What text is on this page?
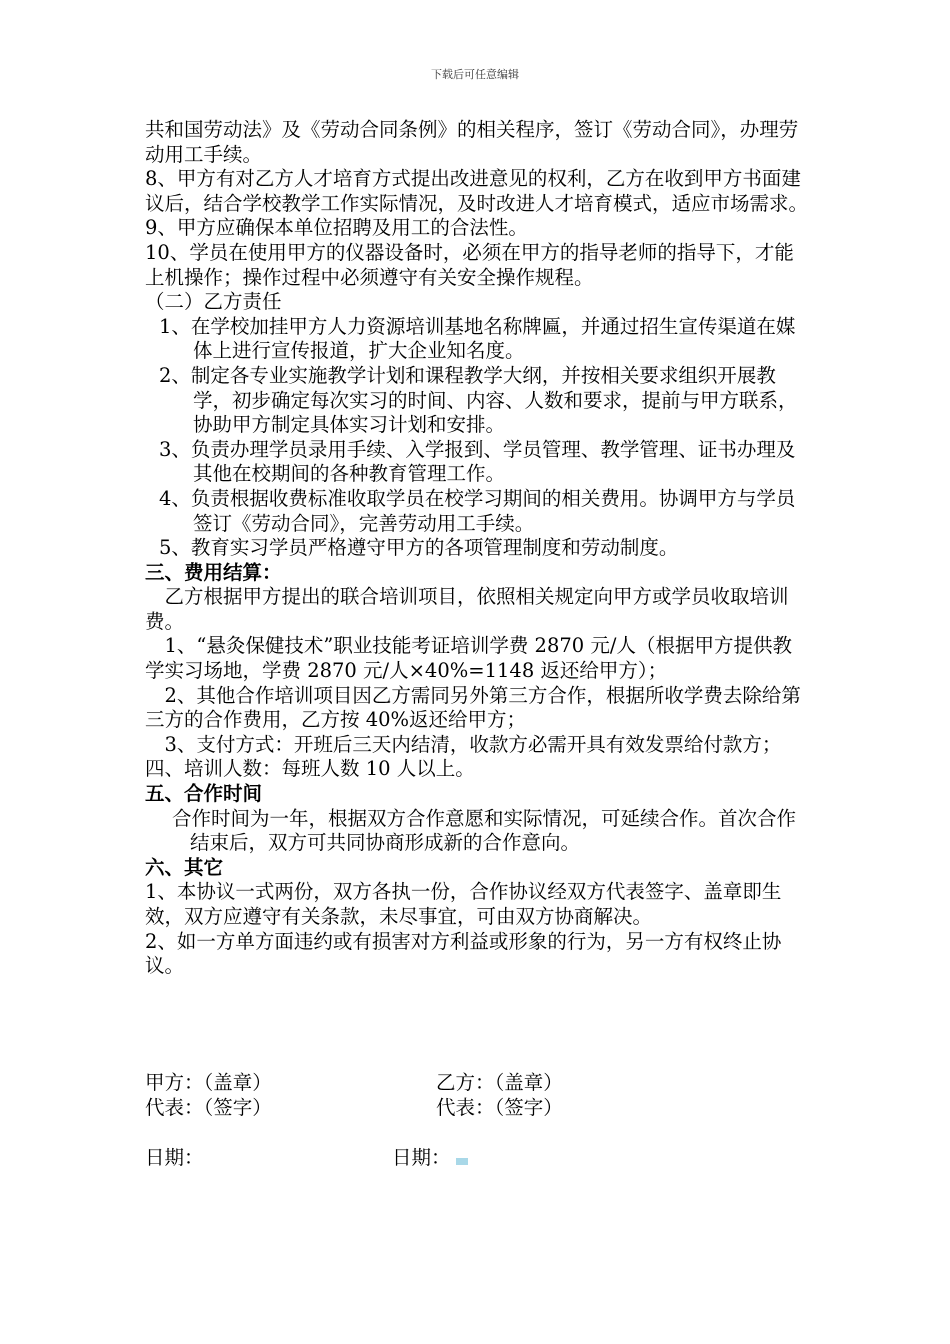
下载后可任意编辑

共和国劳动法》及《劳动合同条例》的相关程序，签订《劳动合同》，办理劳动用工手续。

8、甲方有对乙方人才培育方式提出改进意见的权利，乙方在收到甲方书面建议后，结合学校教学工作实际情况，及时改进人才培育模式，适应市场需求。

9、甲方应确保本单位招聘及用工的合法性。

10、学员在使用甲方的仪器设备时，必须在甲方的指导老师的指导下，才能上机操作；操作过程中必须遵守有关安全操作规程。

（二）乙方责任

1、在学校加挂甲方人力资源培训基地名称牌匾，并通过招生宣传渠道在媒体上进行宣传报道，扩大企业知名度。

2、制定各专业实施教学计划和课程教学大纲，并按相关要求组织开展教学，初步确定每次实习的时间、内容、人数和要求，提前与甲方联系，协助甲方制定具体实习计划和安排。

3、负责办理学员录用手续、入学报到、学员管理、教学管理、证书办理及其他在校期间的各种教育管理工作。

4、负责根据收费标准收取学员在校学习期间的相关费用。协调甲方与学员签订《劳动合同》，完善劳动用工手续。

5、教育实习学员严格遵守甲方的各项管理制度和劳动制度。

三、费用结算：

　乙方根据甲方提出的联合培训项目，依照相关规定向甲方或学员收取培训费。

　1、“悬灸保健技术”职业技能考证培训学费 2870 元/人（根据甲方提供教学实习场地，学费 2870 元/人×40%=1148 返还给甲方）；

　2、其他合作培训项目因乙方需同另外第三方合作，根据所收学费去除给第三方的合作费用，乙方按 40%返还给甲方；

　3、支付方式：开班后三天内结清，收款方必需开具有效发票给付款方；

四、培训人数：每班人数 10 人以上。

五、合作时间

合作时间为一年，根据双方合作意愿和实际情况，可延续合作。首次合作结束后，双方可共同协商形成新的合作意向。

六、其它

1、本协议一式两份，双方各执一份，合作协议经双方代表签字、盖章即生效，双方应遵守有关条款，未尽事宜，可由双方协商解决。

2、如一方单方面违约或有损害对方利益或形象的行为，另一方有权终止协议。

甲方：（盖章）	乙方：（盖章）
代表：（签字）	代表：（签字）
日期：	日期：
